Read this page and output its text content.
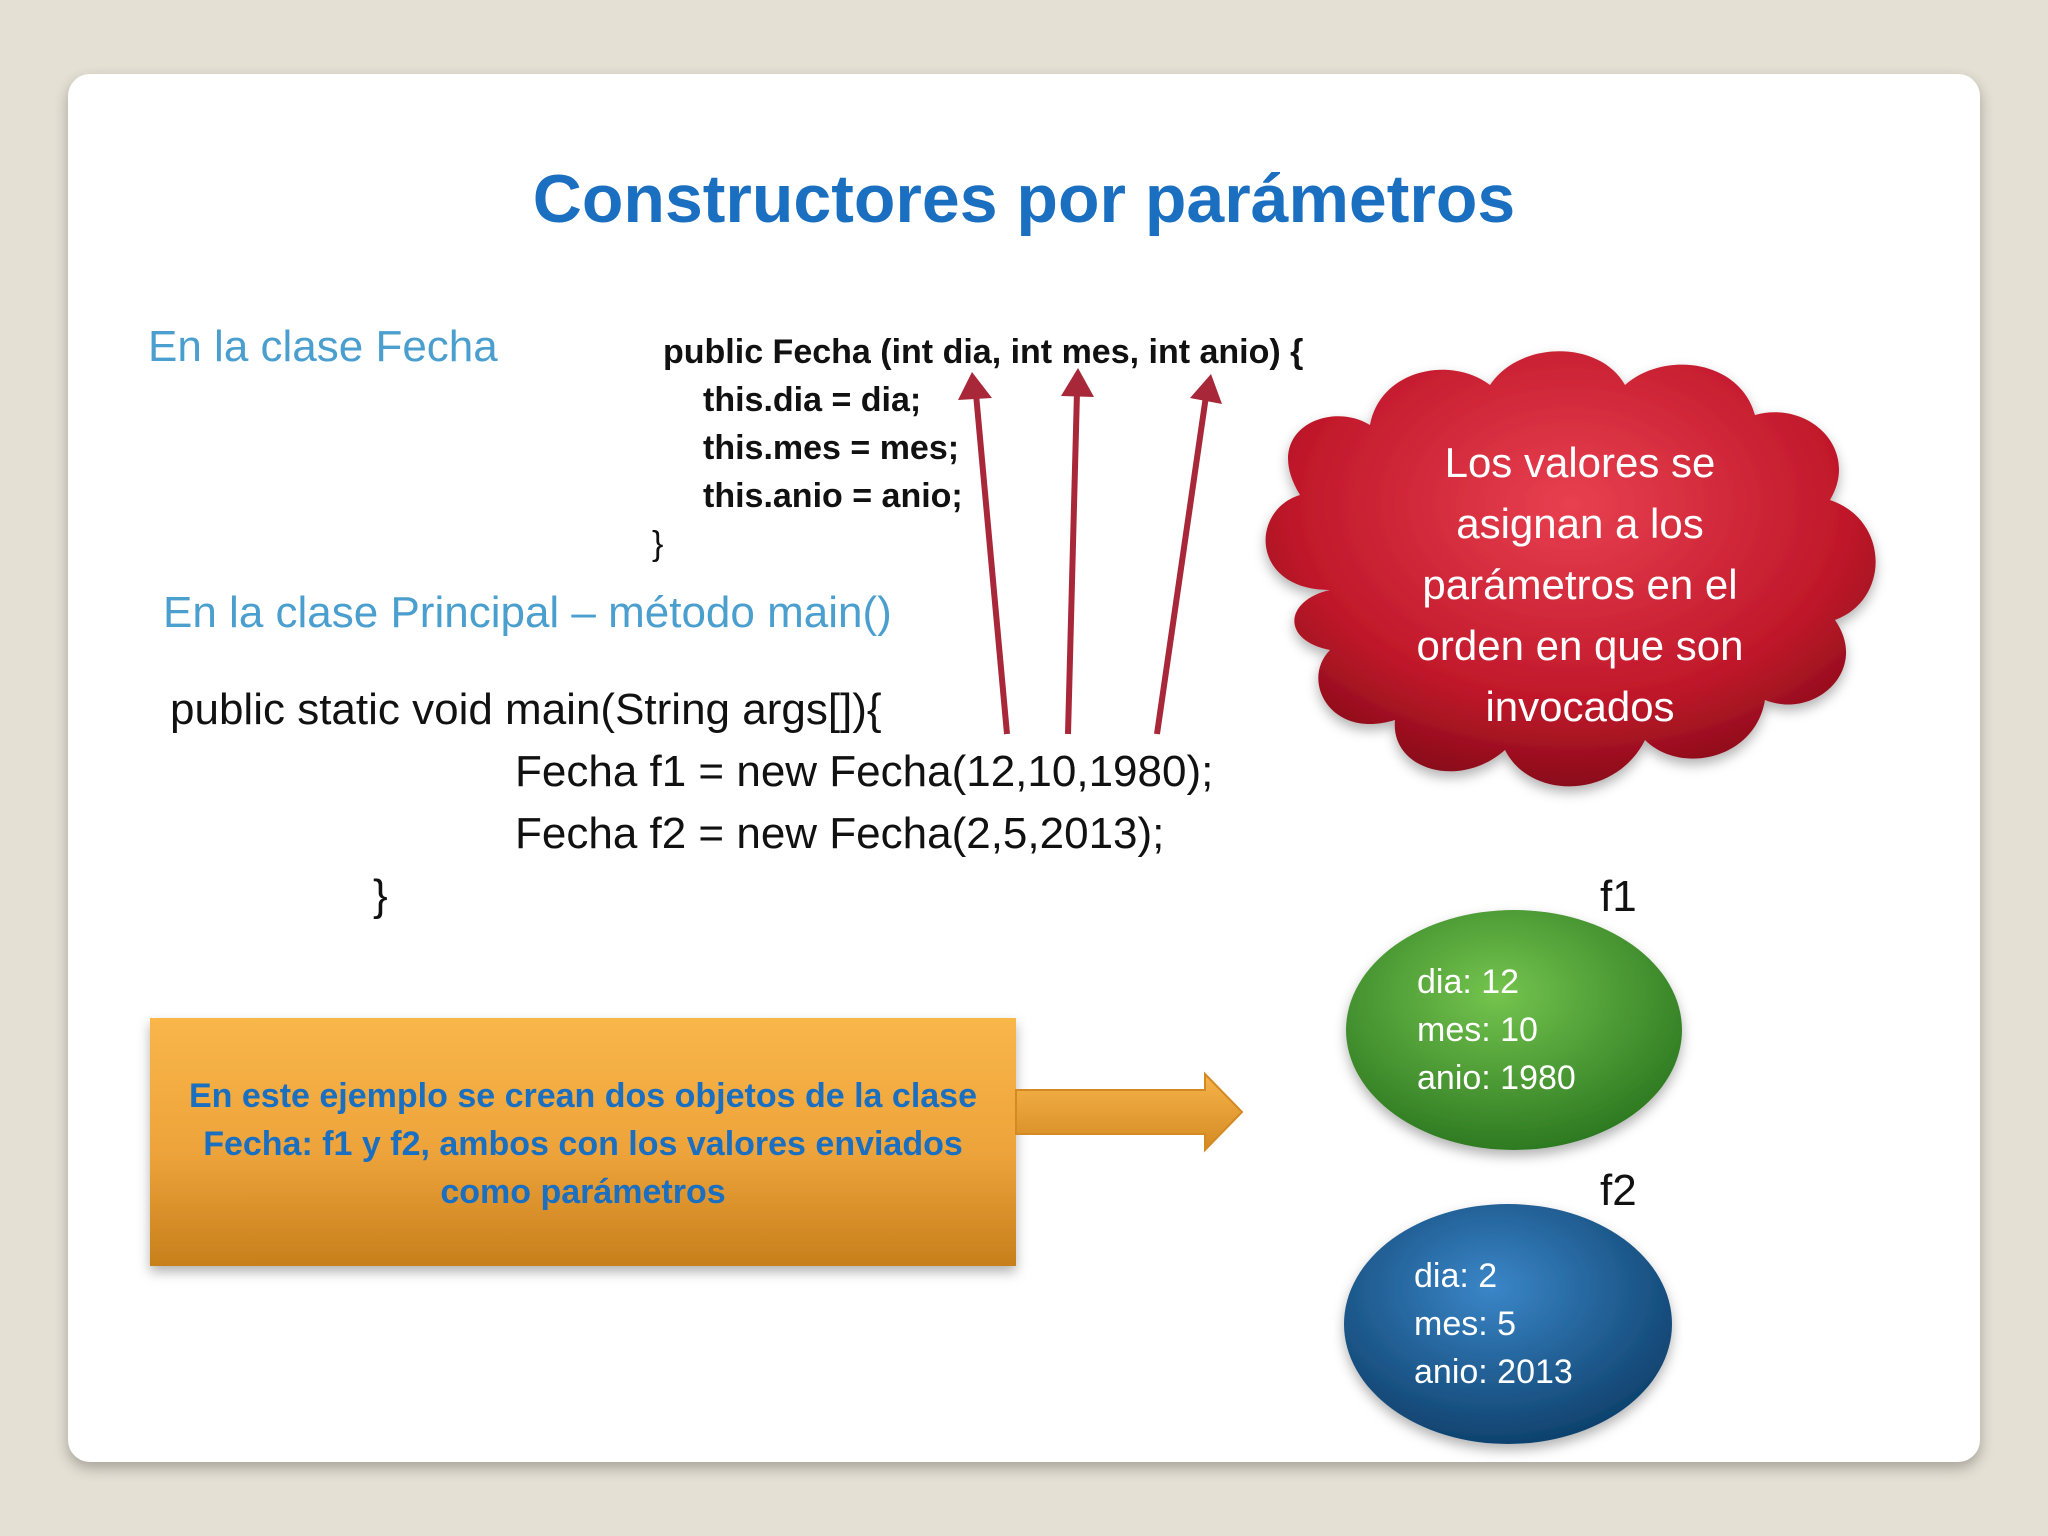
Constructores por parámetros
En la clase Fecha	public Fecha (int dia, int mes, int anio) {
this.dia = dia;
this.mes = mes;
this.anio = anio;
}
En la clase Principal – método main()
public static void main(String args[]){
Fecha f1 = new Fecha(12,10,1980);
Fecha f2 = new Fecha(2,5,2013);
}
Los valores se asignan a los parámetros en el orden en que son invocados
En este ejemplo se crean dos objetos de la clase Fecha: f1 y f2, ambos con los valores enviados como parámetros
f1
dia: 12
mes: 10
anio: 1980
f2
dia: 2
mes: 5
anio: 2013
